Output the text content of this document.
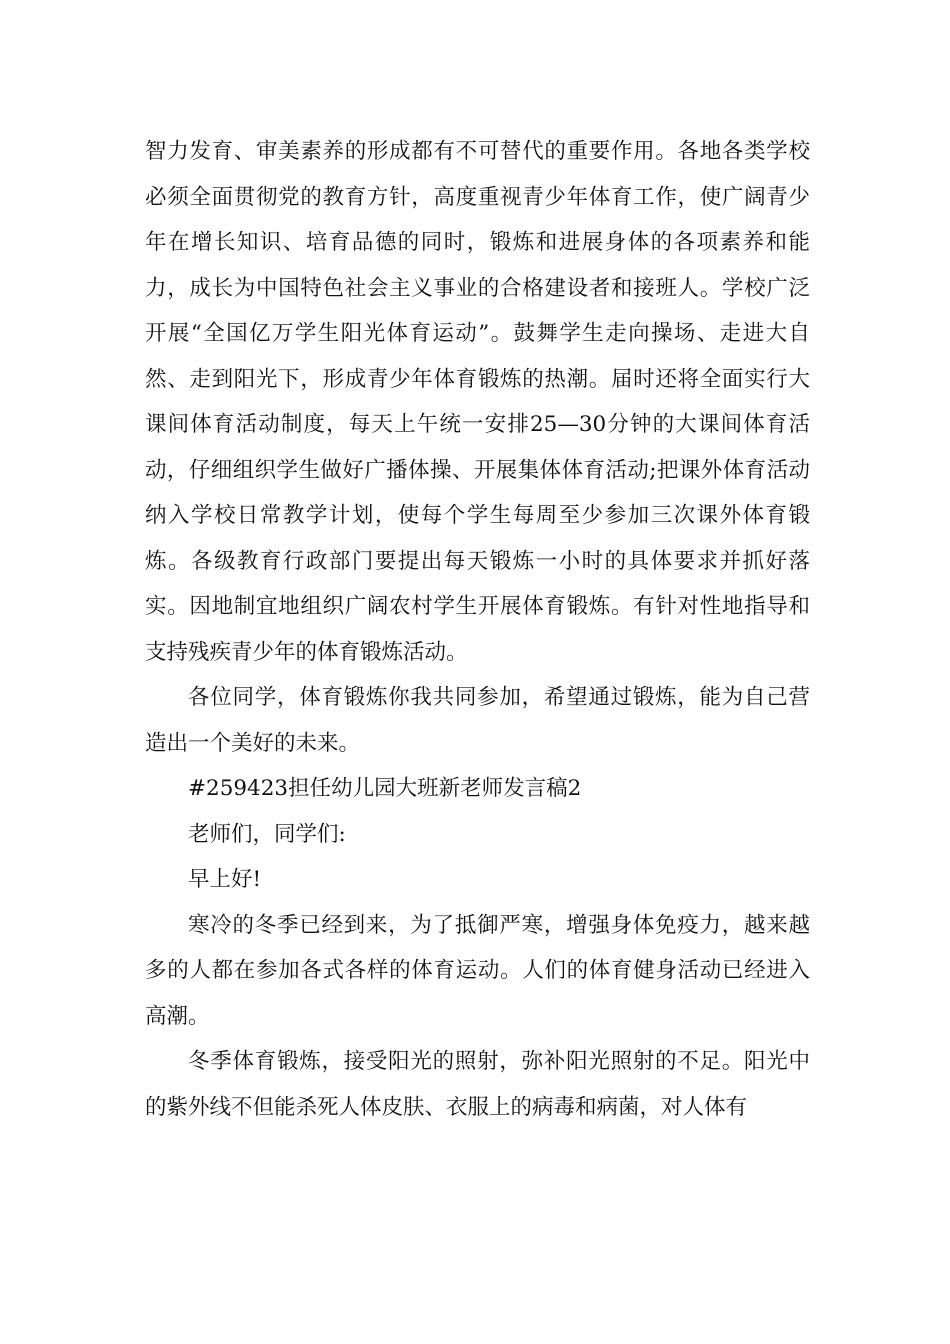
智力发育、审美素养的形成都有不可替代的重要作用。各地各类学校必须全面贯彻党的教育方针，高度重视青少年体育工作，使广阔青少年在增长知识、培育品德的同时，锻炼和进展身体的各项素养和能力，成长为中国特色社会主义事业的合格建设者和接班人。学校广泛开展“全国亿万学生阳光体育运动”。鼓舞学生走向操场、走进大自然、走到阳光下，形成青少年体育锻炼的热潮。届时还将全面实行大课间体育活动制度，每天上午统一安排25—30分钟的大课间体育活动，仔细组织学生做好广播体操、开展集体体育活动;把课外体育活动纳入学校日常教学计划，使每个学生每周至少参加三次课外体育锻炼。各级教育行政部门要提出每天锻炼一小时的具体要求并抓好落实。因地制宜地组织广阔农村学生开展体育锻炼。有针对性地指导和支持残疾青少年的体育锻炼活动。

各位同学，体育锻炼你我共同参加，希望通过锻炼，能为自己营造出一个美好的未来。

#259423担任幼儿园大班新老师发言稿2

老师们，同学们:

早上好!

寒冷的冬季已经到来，为了抵御严寒，增强身体免疫力，越来越多的人都在参加各式各样的体育运动。人们的体育健身活动已经进入高潮。

冬季体育锻炼，接受阳光的照射，弥补阳光照射的不足。阳光中的紫外线不但能杀死人体皮肤、衣服上的病毒和病菌，对人体有
